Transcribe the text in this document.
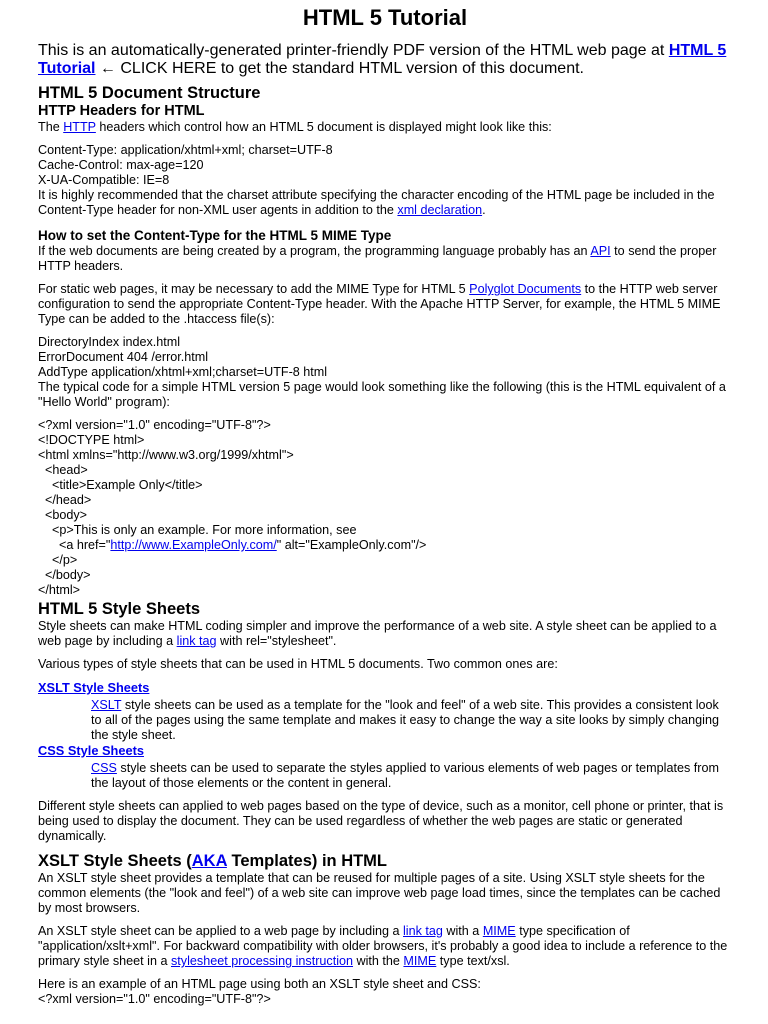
HTML 5 Tutorial

This is an automatically-generated printer-friendly PDF version of the HTML web page at HTML 5 Tutorial ← CLICK HERE to get the standard HTML version of this document.

HTML 5 Document Structure
HTTP Headers for HTML

The HTTP headers which control how an HTML 5 document is displayed might look like this:

Content-Type: application/xhtml+xml; charset=UTF-8
Cache-Control: max-age=120
X-UA-Compatible: IE=8

It is highly recommended that the charset attribute specifying the character encoding of the HTML page be included in the Content-Type header for non-XML user agents in addition to the xml declaration.

How to set the Content-Type for the HTML 5 MIME Type

If the web documents are being created by a program, the programming language probably has an API to send the proper HTTP headers.

For static web pages, it may be necessary to add the MIME Type for HTML 5 Polyglot Documents to the HTTP web server configuration to send the appropriate Content-Type header. With the Apache HTTP Server, for example, the HTML 5 MIME Type can be added to the .htaccess file(s):

DirectoryIndex index.html
ErrorDocument 404 /error.html
AddType application/xhtml+xml;charset=UTF-8 html

The typical code for a simple HTML version 5 page would look something like the following (this is the HTML equivalent of a "Hello World" program):

<?xml version="1.0" encoding="UTF-8"?>
<!DOCTYPE html>
<html xmlns="http://www.w3.org/1999/xhtml">
<head>
<title>Example Only</title>
</head>
<body>
<p>This is only an example. For more information, see
<a href="http://www.ExampleOnly.com/" alt="ExampleOnly.com"/>
</p>
</body>
</html>
HTML 5 Style Sheets

Style sheets can make HTML coding simpler and improve the performance of a web site. A style sheet can be applied to a web page by including a link tag with rel="stylesheet".

Various types of style sheets that can be used in HTML 5 documents. Two common ones are:

XSLT Style Sheets
XSLT style sheets can be used as a template for the "look and feel" of a web site. This provides a consistent look to all of the pages using the same template and makes it easy to change the way a site looks by simply changing the style sheet.
CSS Style Sheets
CSS style sheets can be used to separate the styles applied to various elements of web pages or templates from the layout of those elements or the content in general.

Different style sheets can applied to web pages based on the type of device, such as a monitor, cell phone or printer, that is being used to display the document. They can be used regardless of whether the web pages are static or generated dynamically.

XSLT Style Sheets (AKA Templates) in HTML

An XSLT style sheet provides a template that can be reused for multiple pages of a site. Using XSLT style sheets for the common elements (the "look and feel") of a web site can improve web page load times, since the templates can be cached by most browsers.

An XSLT style sheet can be applied to a web page by including a link tag with a MIME type specification of "application/xslt+xml". For backward compatibility with older browsers, it's probably a good idea to include a reference to the primary style sheet in a stylesheet processing instruction with the MIME type text/xsl.

Here is an example of an HTML page using both an XSLT style sheet and CSS:

<?xml version="1.0" encoding="UTF-8"?>
